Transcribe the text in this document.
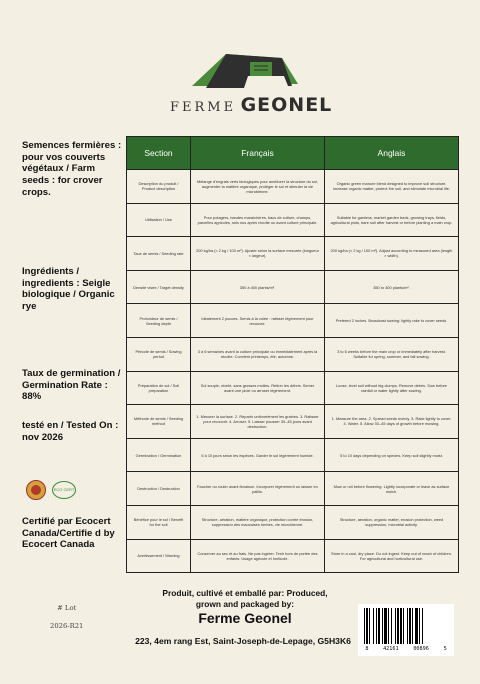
FERME GEONEL
Semences fermières : pour vos couverts végétaux / Farm seeds : for crover crops.
Ingrédients / ingredients : Seigle biologique / Organic rye
Taux de germination / Germination Rate : 88%
testé en / Tested On : nov 2026
ECO CERT
Certifié par Ecocert Canada/Certifie d by Ecocert Canada
Section	Français	Anglais
Description du produit / Product description	Mélange d'engrais verts biologiques pour améliorer la structure du sol, augmenter la matière organique, protéger le sol et stimuler la vie microbienne.	Organic green manure blend designed to improve soil structure, increase organic matter, protect the soil, and stimulate microbial life.
Utilisation / Use	Pour potagers, bandes maraîchères, bacs de culture, champs, parcelles agricoles, sols nus après récolte ou avant culture principale.	Suitable for gardens, market garden beds, growing trays, fields, agricultural plots, bare soil after harvest or before planting a main crop.
Taux de semis / Seeding rate	200 kg/ha (≈ 2 kg / 100 m²). Ajuster selon la surface mesurée (longueur × largeur).	200 kg/ha (≈ 2 kg / 100 m²). Adjust according to measured area (length × width).
Densité visée / Target density	350 à 400 plants/m².	350 to 400 plants/m².
Profondeur de semis / Seeding depth	Idéalement 2 pouces. Semis à la volée : ratisser légèrement pour recouvrir.	Prefered 2 inches. Broadcast sowing: lightly rake to cover seeds.
Période de semis / Sowing period	3 à 6 semaines avant la culture principale ou immédiatement après la récolte. Convient printemps, été, automne.	3 to 6 weeks before the main crop or immediately after harvest. Suitable for spring, summer, and fall sowing.
Préparation de sol / Soil preparation	Sol souple, nivelé, sans grosses mottes. Retirer les débris. Semer avant une pluie ou arroser légèrement.	Loose, level soil without big clumps. Remove debris. Sow before rainfall or water lightly after sowing.
Méthode de semis / Seeding method	1. Mesurer la surface. 2. Répartir uniformément les graines. 3. Ratisser pour recouvrir. 4. Arroser. 5. Laisser pousser 30–45 jours avant destruction.	1. Measure the area. 2. Spread seeds evenly. 3. Rake lightly to cover. 4. Water. 5. Allow 30–45 days of growth before mowing.
Germination / Germination	5 à 10 jours selon les espèces. Garder le sol légèrement humide.	5 to 10 days depending on species. Keep soil slightly moist.
Destruction / Destruction	Faucher ou rouler avant floraison. Incorporer légèrement ou laisser en paillis.	Mow or roll before flowering. Lightly incorporate or leave as surface mulch.
Bénéfice pour le sol / Benefit for the soil	Structure, aération, matière organique, protection contre érosion, suppression des mauvaises herbes, vie microbienne.	Structure, aeration, organic matter, erosion protection, weed suppression, microbial activity.
Avertissement / Warning	Conserver au sec et au frais. Ne pas ingérer. Tenir hors de portée des enfants. Usage agricole et horticole.	Store in a cool, dry place. Do not ingest. Keep out of reach of children. For agricultural and horticultural use.
# Lot
2026-R21
Produit, cultivé et emballé par: Produced, grown and packaged by:
Ferme Geonel
223, 4em rang Est, Saint-Joseph-de-Lepage, G5H3K6
8	42161	00896	5
